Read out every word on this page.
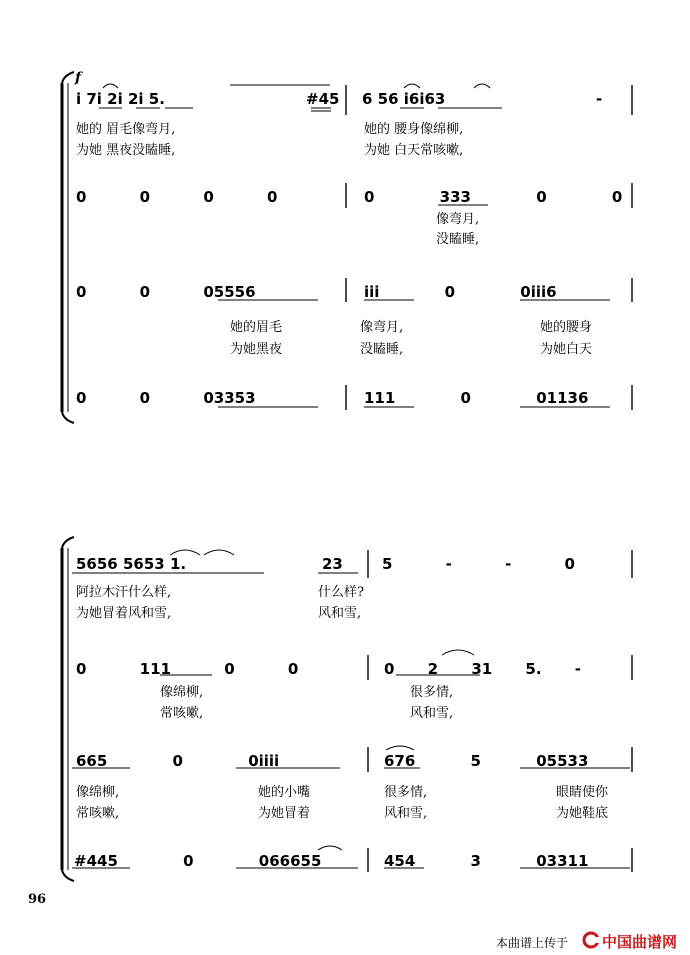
f
i 7i 2i 2i 5.	#45 6 56 i6i63	-
她的 眉毛像弯月,	她的 腰身像绵柳,
为她 黑夜没瞌睡,	为她 白天常咳嗽,
0 0 0 0	0 333 0 0
像弯月,
没瞌睡,
0 0 05556	iii 0 0iii6
她的眉毛	像弯月,	她的腰身
为她黑夜	没瞌睡,	为她白天
0 0 03353	111 0 01136
5656 5653 1.	23	5 - - 0
阿拉木汗什么样,	什么样?
为她冒着风和雪,	风和雪,
0 111 0 0	0 2 31 5. -
像绵柳,	很多情,
常咳嗽,	风和雪,
665 0 0iiii	676 5 05533
像绵柳,	她的小嘴	很多情,	眼睛使你
常咳嗽,	为她冒着	风和雪,	为她鞋底
#445 0 066655	454 3 03311
96
本曲谱上传于 中国曲谱网
